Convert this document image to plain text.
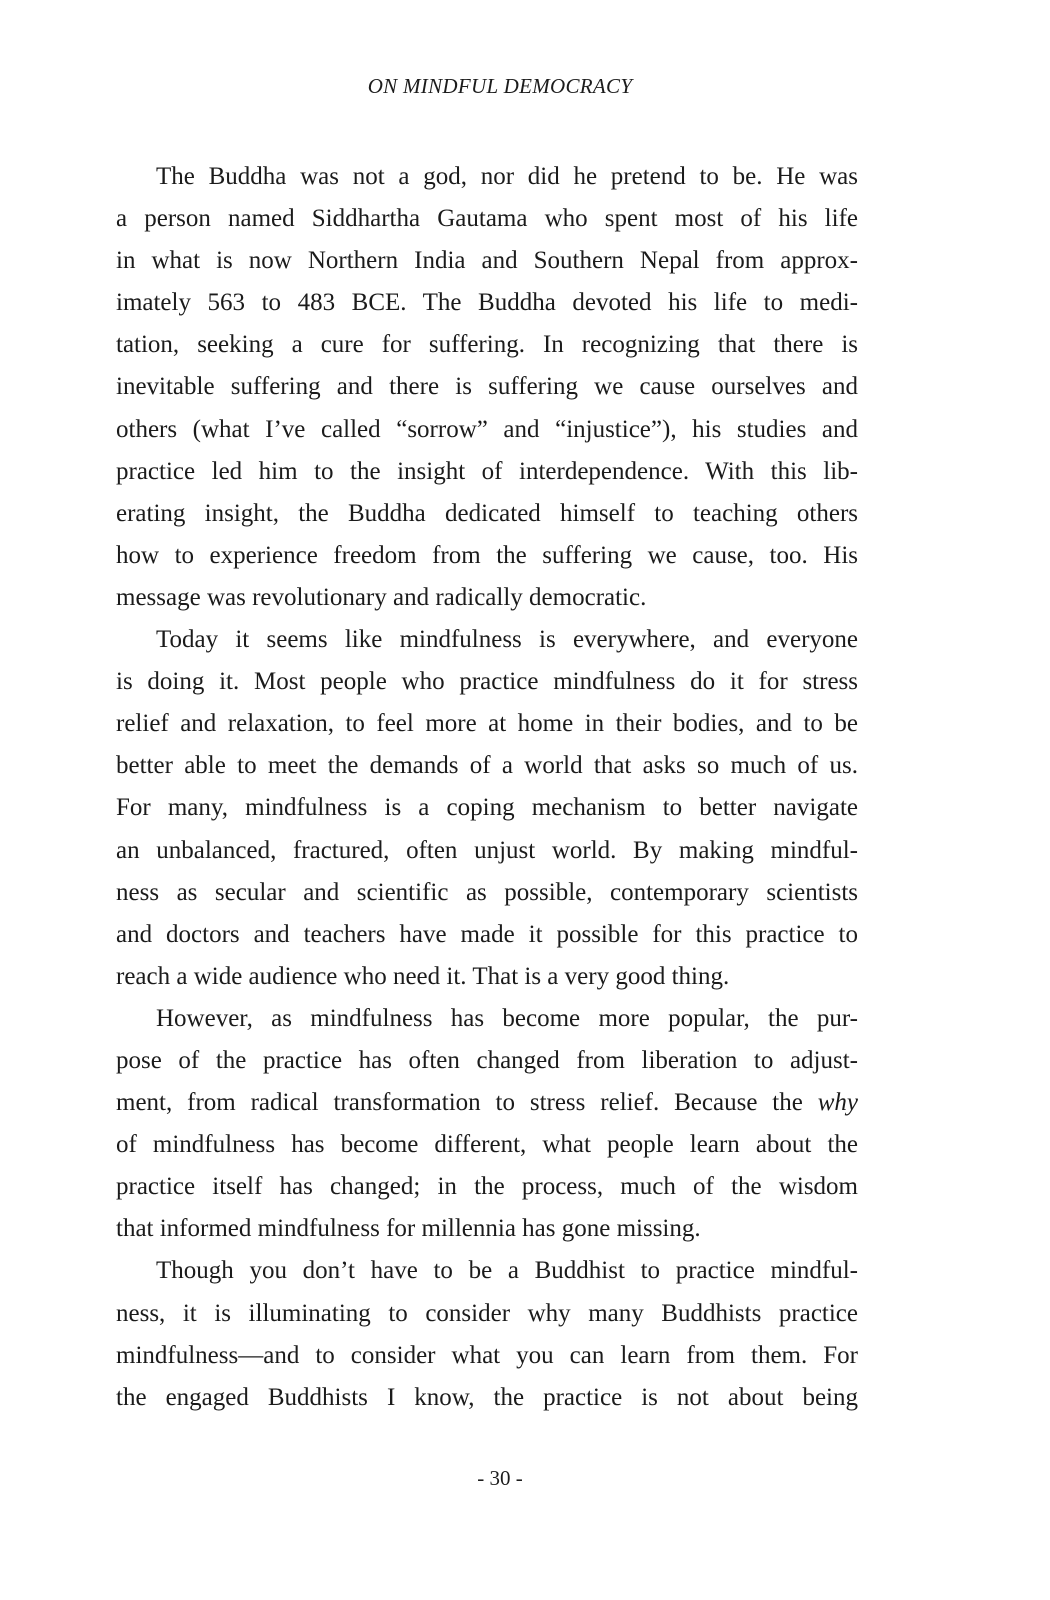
ON MINDFUL DEMOCRACY
The Buddha was not a god, nor did he pretend to be. He was
a person named Siddhartha Gautama who spent most of his life
in what is now Northern India and Southern Nepal from approx-
imately 563 to 483 BCE. The Buddha devoted his life to medi-
tation, seeking a cure for suffering. In recognizing that there is
inevitable suffering and there is suffering we cause ourselves and
others (what I’ve called “sorrow” and “injustice”), his studies and
practice led him to the insight of interdependence. With this lib-
erating insight, the Buddha dedicated himself to teaching others
how to experience freedom from the suffering we cause, too. His
message was revolutionary and radically democratic.
Today it seems like mindfulness is everywhere, and everyone
is doing it. Most people who practice mindfulness do it for stress
relief and relaxation, to feel more at home in their bodies, and to be
better able to meet the demands of a world that asks so much of us.
For many, mindfulness is a coping mechanism to better navigate
an unbalanced, fractured, often unjust world. By making mindful-
ness as secular and scientific as possible, contemporary scientists
and doctors and teachers have made it possible for this practice to
reach a wide audience who need it. That is a very good thing.
However, as mindfulness has become more popular, the pur-
pose of the practice has often changed from liberation to adjust-
ment, from radical transformation to stress relief. Because the why
of mindfulness has become different, what people learn about the
practice itself has changed; in the process, much of the wisdom
that informed mindfulness for millennia has gone missing.
Though you don’t have to be a Buddhist to practice mindful-
ness, it is illuminating to consider why many Buddhists practice
mindfulness—and to consider what you can learn from them. For
the engaged Buddhists I know, the practice is not about being
- 30 -
